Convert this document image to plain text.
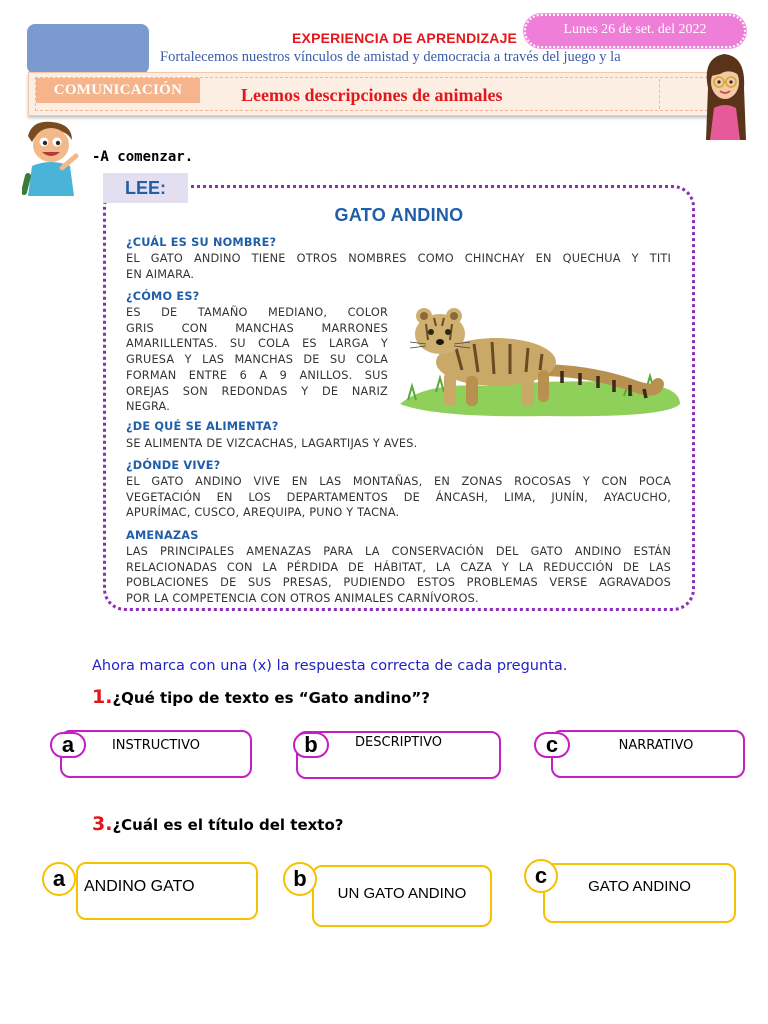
EXPERIENCIA DE APRENDIZAJE
Lunes 26 de set. del 2022
Fortalecemos nuestros vínculos de amistad y democracia a través del juego y la
COMUNICACIÓN	Leemos descripciones de animales
-A comenzar.
LEE:
GATO ANDINO
¿CUÁL ES SU NOMBRE?
EL GATO ANDINO TIENE OTROS NOMBRES COMO CHINCHAY EN QUECHUA Y TITI
EN AIMARA.
¿CÓMO ES?
ES DE TAMAÑO MEDIANO, COLOR
GRIS CON MANCHAS MARRONES
AMARILLENTAS. SU COLA ES LARGA Y
GRUESA Y LAS MANCHAS DE SU COLA
FORMAN ENTRE 6 A 9 ANILLOS. SUS
OREJAS SON REDONDAS Y DE NARIZ
NEGRA.
¿DE QUÉ SE ALIMENTA?
SE ALIMENTA DE VIZCACHAS, LAGARTIJAS Y AVES.
¿DÓNDE VIVE?
EL GATO ANDINO VIVE EN LAS MONTAÑAS, EN ZONAS ROCOSAS Y CON POCA
VEGETACIÓN EN LOS DEPARTAMENTOS DE ÁNCASH, LIMA, JUNÍN, AYACUCHO,
APURÍMAC, CUSCO, AREQUIPA, PUNO Y TACNA.
AMENAZAS
LAS PRINCIPALES AMENAZAS PARA LA CONSERVACIÓN DEL GATO ANDINO ESTÁN
RELACIONADAS CON LA PÉRDIDA DE HÁBITAT, LA CAZA Y LA REDUCCIÓN DE LAS
POBLACIONES DE SUS PRESAS, PUDIENDO ESTOS PROBLEMAS VERSE AGRAVADOS
POR LA COMPETENCIA CON OTROS ANIMALES CARNÍVOROS.
Ahora marca con una (x) la respuesta correcta de cada pregunta.
1.¿Qué tipo de texto es “Gato andino”?
INSTRUCTIVO
a	DESCRIPTIVO
b	NARRATIVO
c
3.¿Cuál es el título del texto?
ANDINO GATO
a
UN GATO ANDINO
b	GATO ANDINO
c
